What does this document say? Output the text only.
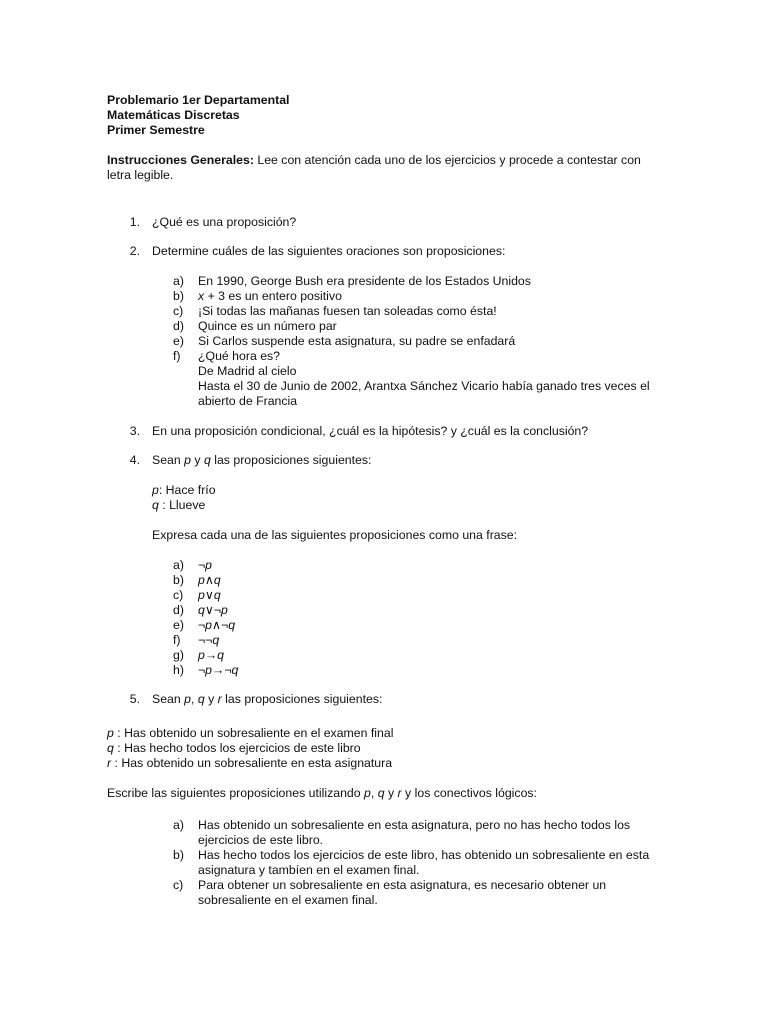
Problemario 1er Departamental
Matemáticas Discretas
Primer Semestre
Instrucciones Generales: Lee con atención cada uno de los ejercicios y procede a contestar con
letra legible.
1. ¿Qué es una proposición?
2. Determine cuáles de las siguientes oraciones son proposiciones:
a) En 1990, George Bush era presidente de los Estados Unidos
b) x + 3 es un entero positivo
c) ¡Si todas las mañanas fuesen tan soleadas como ésta!
d) Quince es un número par
e) Si Carlos suspende esta asignatura, su padre se enfadará
f) ¿Qué hora es?
De Madrid al cielo
Hasta el 30 de Junio de 2002, Arantxa Sánchez Vicario había ganado tres veces el
abierto de Francia
3. En una proposición condicional, ¿cuál es la hipótesis? y ¿cuál es la conclusión?
4. Sean p y q las proposiciones siguientes:
p: Hace frío
q : Llueve
Expresa cada una de las siguientes proposiciones como una frase:
a) ¬p
b) p∧q
c) p∨q
d) q∨¬p
e) ¬p∧¬q
f) ¬¬q
g) p→q
h) ¬p→¬q
5. Sean p, q y r las proposiciones siguientes:
p : Has obtenido un sobresaliente en el examen final
q : Has hecho todos los ejercicios de este libro
r : Has obtenido un sobresaliente en esta asignatura
Escribe las siguientes proposiciones utilizando p, q y r y los conectivos lógicos:
a) Has obtenido un sobresaliente en esta asignatura, pero no has hecho todos los
ejercicios de este libro.
b) Has hecho todos los ejercicios de este libro, has obtenido un sobresaliente en esta
asignatura y tambíen en el examen final.
c) Para obtener un sobresaliente en esta asignatura, es necesario obtener un
sobresaliente en el examen final.
